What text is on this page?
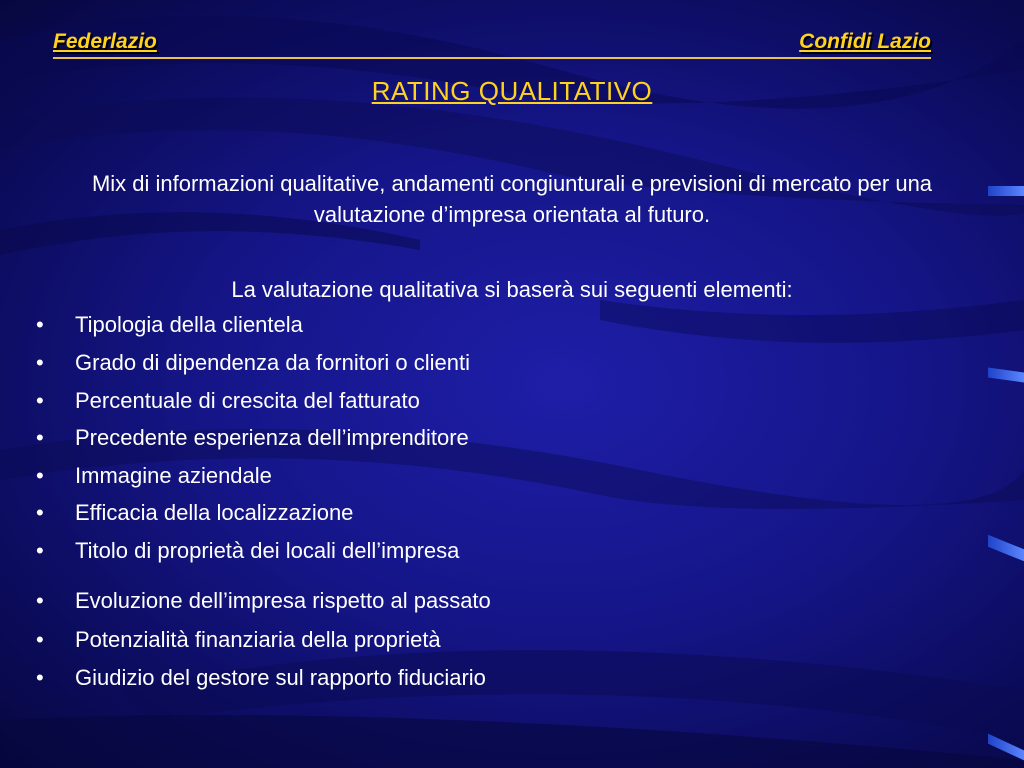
Federlazio	Confidi Lazio
RATING QUALITATIVO
Mix di informazioni qualitative, andamenti congiunturali e previsioni di mercato per una valutazione d’impresa orientata al futuro.
La valutazione qualitativa si baserà sui seguenti elementi:
• Tipologia della clientela
• Grado di dipendenza da fornitori o clienti
• Percentuale di crescita del fatturato
• Precedente esperienza dell’imprenditore
• Immagine aziendale
• Efficacia della localizzazione
• Titolo di proprietà dei locali dell’impresa
• Evoluzione dell’impresa rispetto al passato
• Potenzialità finanziaria della proprietà
• Giudizio del gestore sul rapporto fiduciario
